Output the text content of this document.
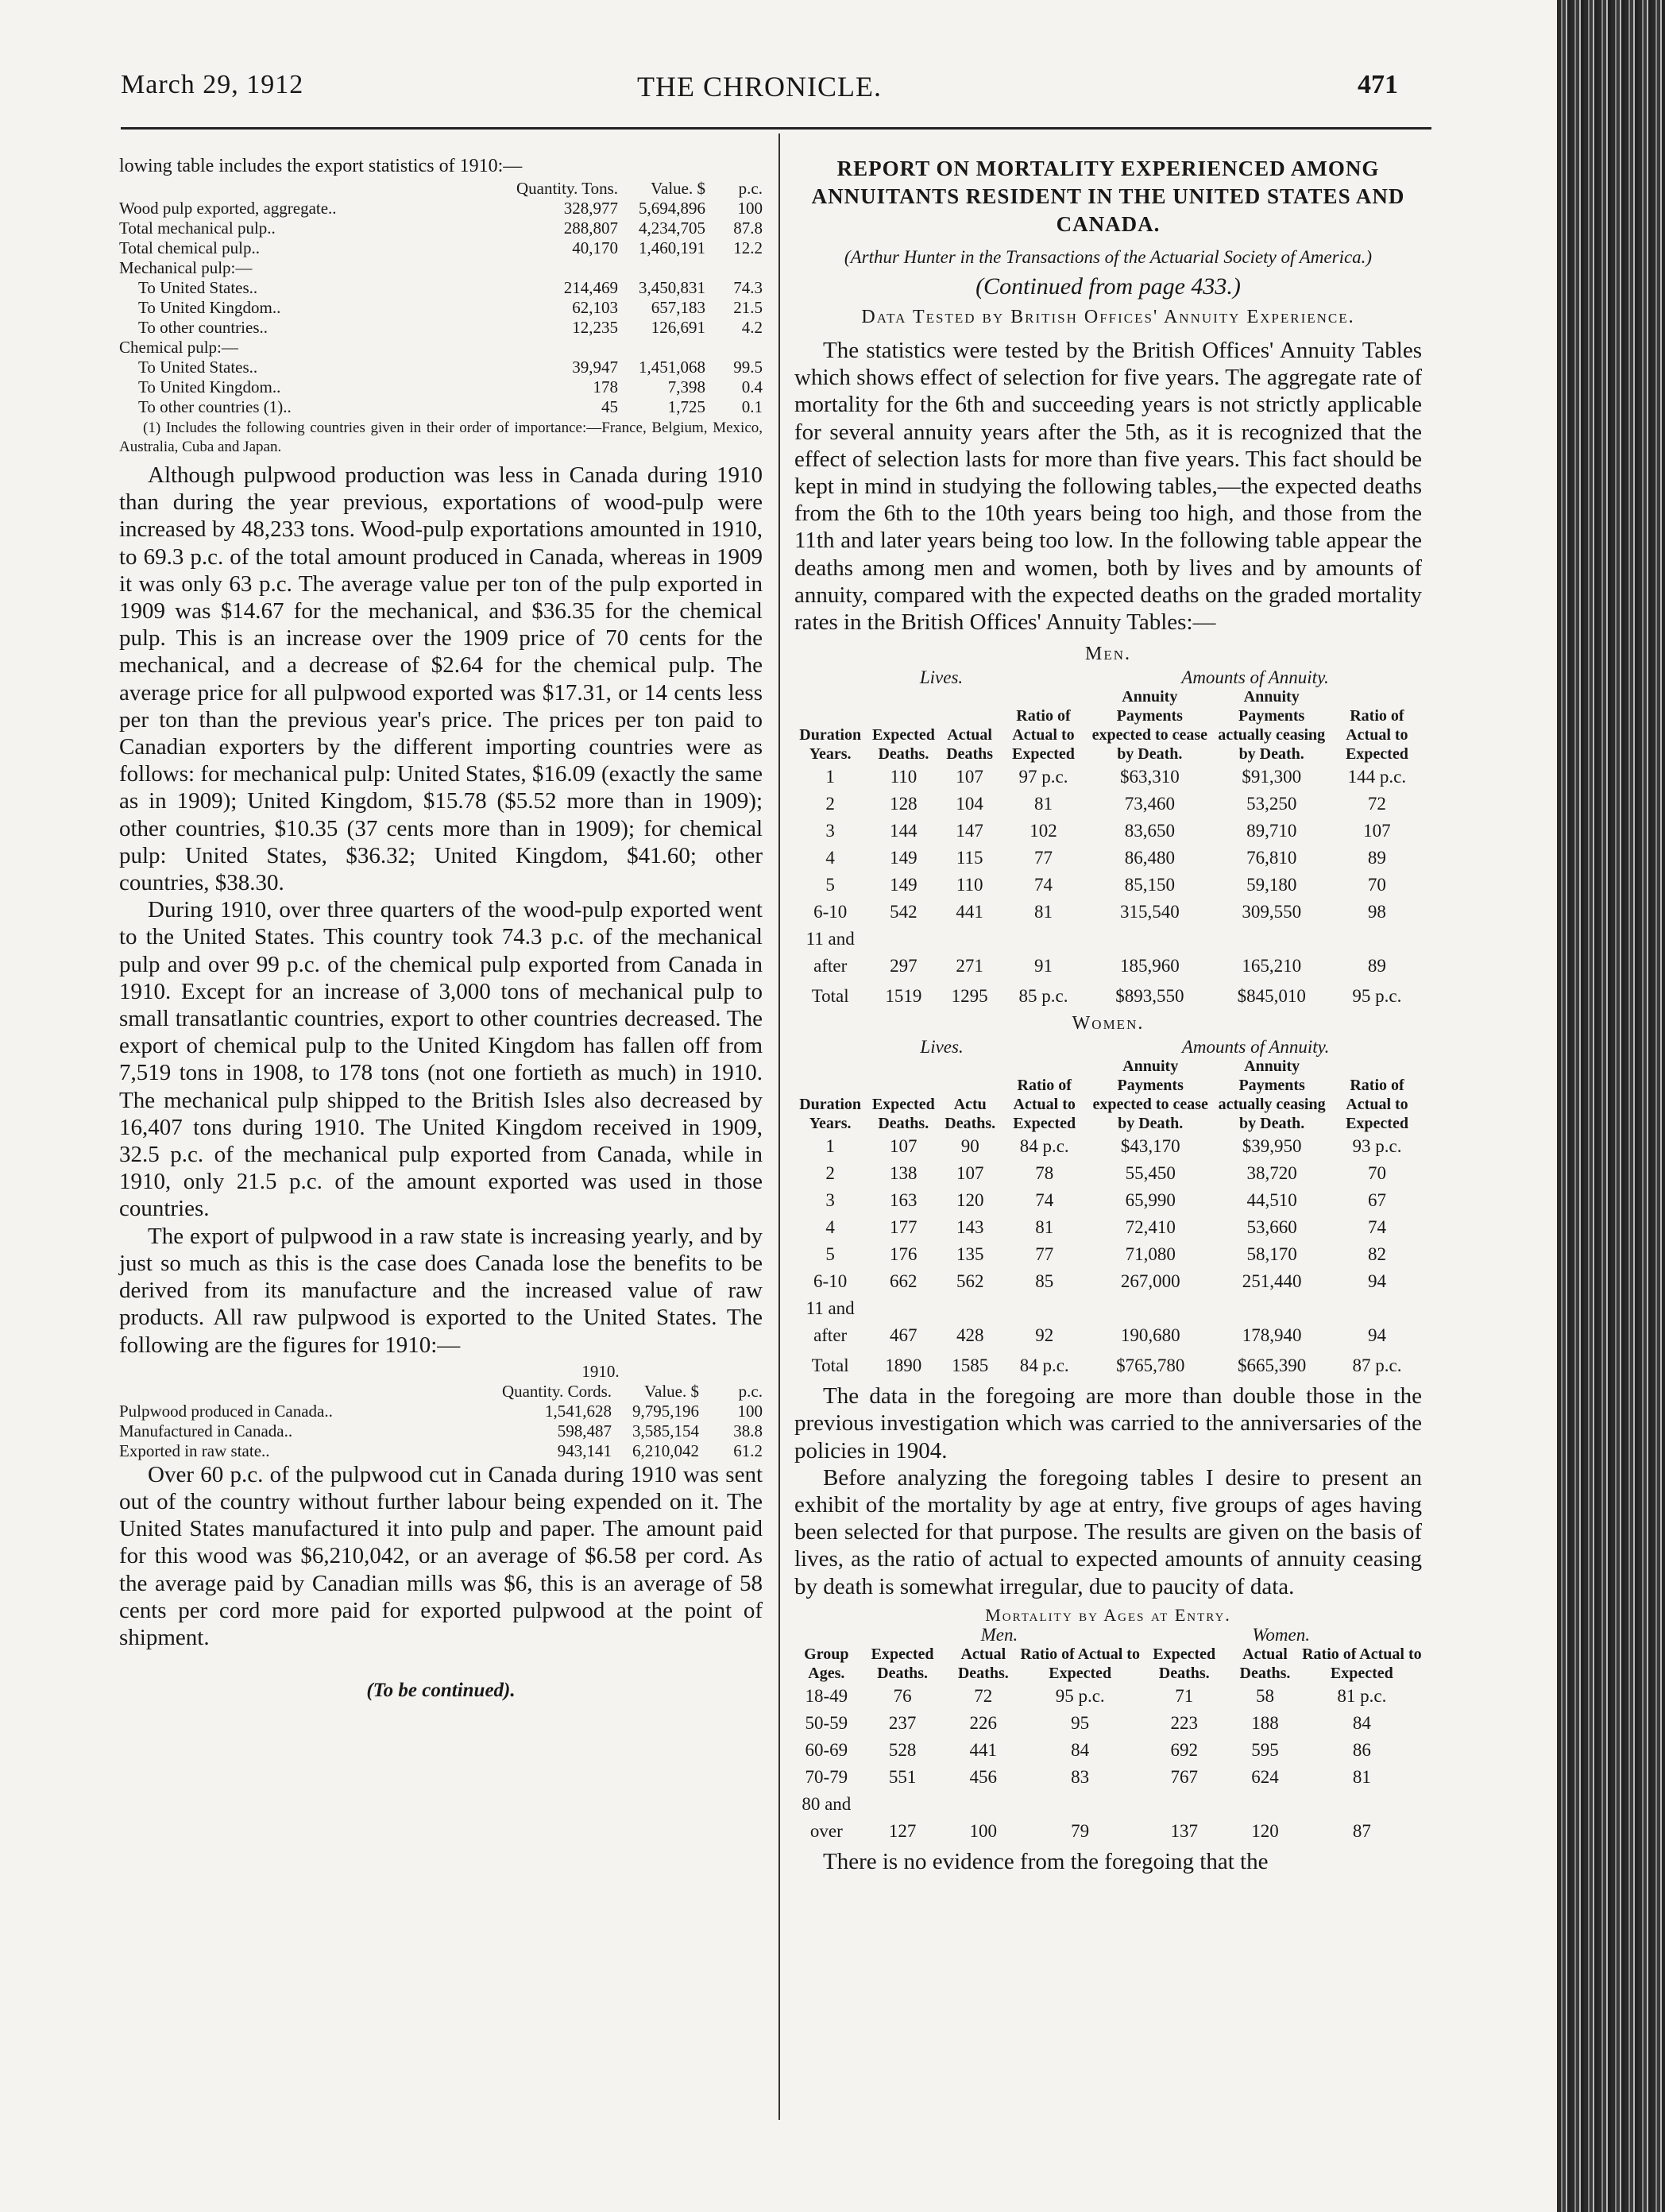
March 29, 1912	THE CHRONICLE.	471

lowing table includes the export statistics of 1910:—

	Quantity. Tons.	Value. $	p.c.
Wood pulp exported, aggregate..	328,977	5,694,896	100
Total mechanical pulp..	288,807	4,234,705	87.8
Total chemical pulp..	40,170	1,460,191	12.2
Mechanical pulp:—			
To United States..	214,469	3,450,831	74.3
To United Kingdom..	62,103	657,183	21.5
To other countries..	12,235	126,691	4.2
Chemical pulp:—			
To United States..	39,947	1,451,068	99.5
To United Kingdom..	178	7,398	0.4
To other countries (1)..	45	1,725	0.1

(1) Includes the following countries given in their order of importance:—France, Belgium, Mexico, Australia, Cuba and Japan.

Although pulpwood production was less in Canada during 1910 than during the year previous, exportations of wood-pulp were increased by 48,233 tons. Wood-pulp exportations amounted in 1910, to 69.3 p.c. of the total amount produced in Canada, whereas in 1909 it was only 63 p.c. The average value per ton of the pulp exported in 1909 was $14.67 for the mechanical, and $36.35 for the chemical pulp. This is an increase over the 1909 price of 70 cents for the mechanical, and a decrease of $2.64 for the chemical pulp. The average price for all pulpwood exported was $17.31, or 14 cents less per ton than the previous year's price. The prices per ton paid to Canadian exporters by the different importing countries were as follows: for mechanical pulp: United States, $16.09 (exactly the same as in 1909); United Kingdom, $15.78 ($5.52 more than in 1909); other countries, $10.35 (37 cents more than in 1909); for chemical pulp: United States, $36.32; United Kingdom, $41.60; other countries, $38.30.

During 1910, over three quarters of the wood-pulp exported went to the United States. This country took 74.3 p.c. of the mechanical pulp and over 99 p.c. of the chemical pulp exported from Canada in 1910. Except for an increase of 3,000 tons of mechanical pulp to small transatlantic countries, export to other countries decreased. The export of chemical pulp to the United Kingdom has fallen off from 7,519 tons in 1908, to 178 tons (not one fortieth as much) in 1910. The mechanical pulp shipped to the British Isles also decreased by 16,407 tons during 1910. The United Kingdom received in 1909, 32.5 p.c. of the mechanical pulp exported from Canada, while in 1910, only 21.5 p.c. of the amount exported was used in those countries.

The export of pulpwood in a raw state is increasing yearly, and by just so much as this is the case does Canada lose the benefits to be derived from its manufacture and the increased value of raw products. All raw pulpwood is exported to the United States. The following are the figures for 1910:—

	1910.		
	Quantity. Cords.	Value. $	p.c.
Pulpwood produced in Canada..	1,541,628	9,795,196	100
Manufactured in Canada..	598,487	3,585,154	38.8
Exported in raw state..	943,141	6,210,042	61.2

Over 60 p.c. of the pulpwood cut in Canada during 1910 was sent out of the country without further labour being expended on it. The United States manufactured it into pulp and paper. The amount paid for this wood was $6,210,042, or an average of $6.58 per cord. As the average paid by Canadian mills was $6, this is an average of 58 cents per cord more paid for exported pulpwood at the point of shipment.

(To be continued).
REPORT ON MORTALITY EXPERIENCED AMONG ANNUITANTS RESIDENT IN THE UNITED STATES AND CANADA.
(Arthur Hunter in the Transactions of the Actuarial Society of America.)
(Continued from page 433.)
Data Tested by British Offices' Annuity Experience.

The statistics were tested by the British Offices' Annuity Tables which shows effect of selection for five years. The aggregate rate of mortality for the 6th and succeeding years is not strictly applicable for several annuity years after the 5th, as it is recognized that the effect of selection lasts for more than five years. This fact should be kept in mind in studying the following tables,—the expected deaths from the 6th to the 10th years being too high, and those from the 11th and later years being too low. In the following table appear the deaths among men and women, both by lives and by amounts of annuity, compared with the expected deaths on the graded mortality rates in the British Offices' Annuity Tables:—

Men.
Lives.				Amounts of Annuity.		
Duration Years.	Expected Deaths.	Actual Deaths	Ratio of Actual to Expected	Annuity Payments expected to cease by Death.	Annuity Payments actually ceasing by Death.	Ratio of Actual to Expected
1	110	107	97 p.c.	$63,310	$91,300	144 p.c.
2	128	104	81	73,460	53,250	72
3	144	147	102	83,650	89,710	107
4	149	115	77	86,480	76,810	89
5	149	110	74	85,150	59,180	70
6-10	542	441	81	315,540	309,550	98
11 and after	297	271	91	185,960	165,210	89
Total	1519	1295	85 p.c.	$893,550	$845,010	95 p.c.
Women.
Lives.				Amounts of Annuity.		
Duration Years.	Expected Deaths.	Actu Deaths.	Ratio of Actual to Expected	Annuity Payments expected to cease by Death.	Annuity Payments actually ceasing by Death.	Ratio of Actual to Expected
1	107	90	84 p.c.	$43,170	$39,950	93 p.c.
2	138	107	78	55,450	38,720	70
3	163	120	74	65,990	44,510	67
4	177	143	81	72,410	53,660	74
5	176	135	77	71,080	58,170	82
6-10	662	562	85	267,000	251,440	94
11 and after	467	428	92	190,680	178,940	94
Total	1890	1585	84 p.c.	$765,780	$665,390	87 p.c.

The data in the foregoing are more than double those in the previous investigation which was carried to the anniversaries of the policies in 1904.

Before analyzing the foregoing tables I desire to present an exhibit of the mortality by age at entry, five groups of ages having been selected for that purpose. The results are given on the basis of lives, as the ratio of actual to expected amounts of annuity ceasing by death is somewhat irregular, due to paucity of data.

Mortality by Ages at Entry.
	Men.			Women.		
Group Ages.	Expected Deaths.	Actual Deaths.	Ratio of Actual to Expected	Expected Deaths.	Actual Deaths.	Ratio of Actual to Expected
18-49	76	72	95 p.c.	71	58	81 p.c.
50-59	237	226	95	223	188	84
60-69	528	441	84	692	595	86
70-79	551	456	83	767	624	81
80 and over	127	100	79	137	120	87

There is no evidence from the foregoing that the
